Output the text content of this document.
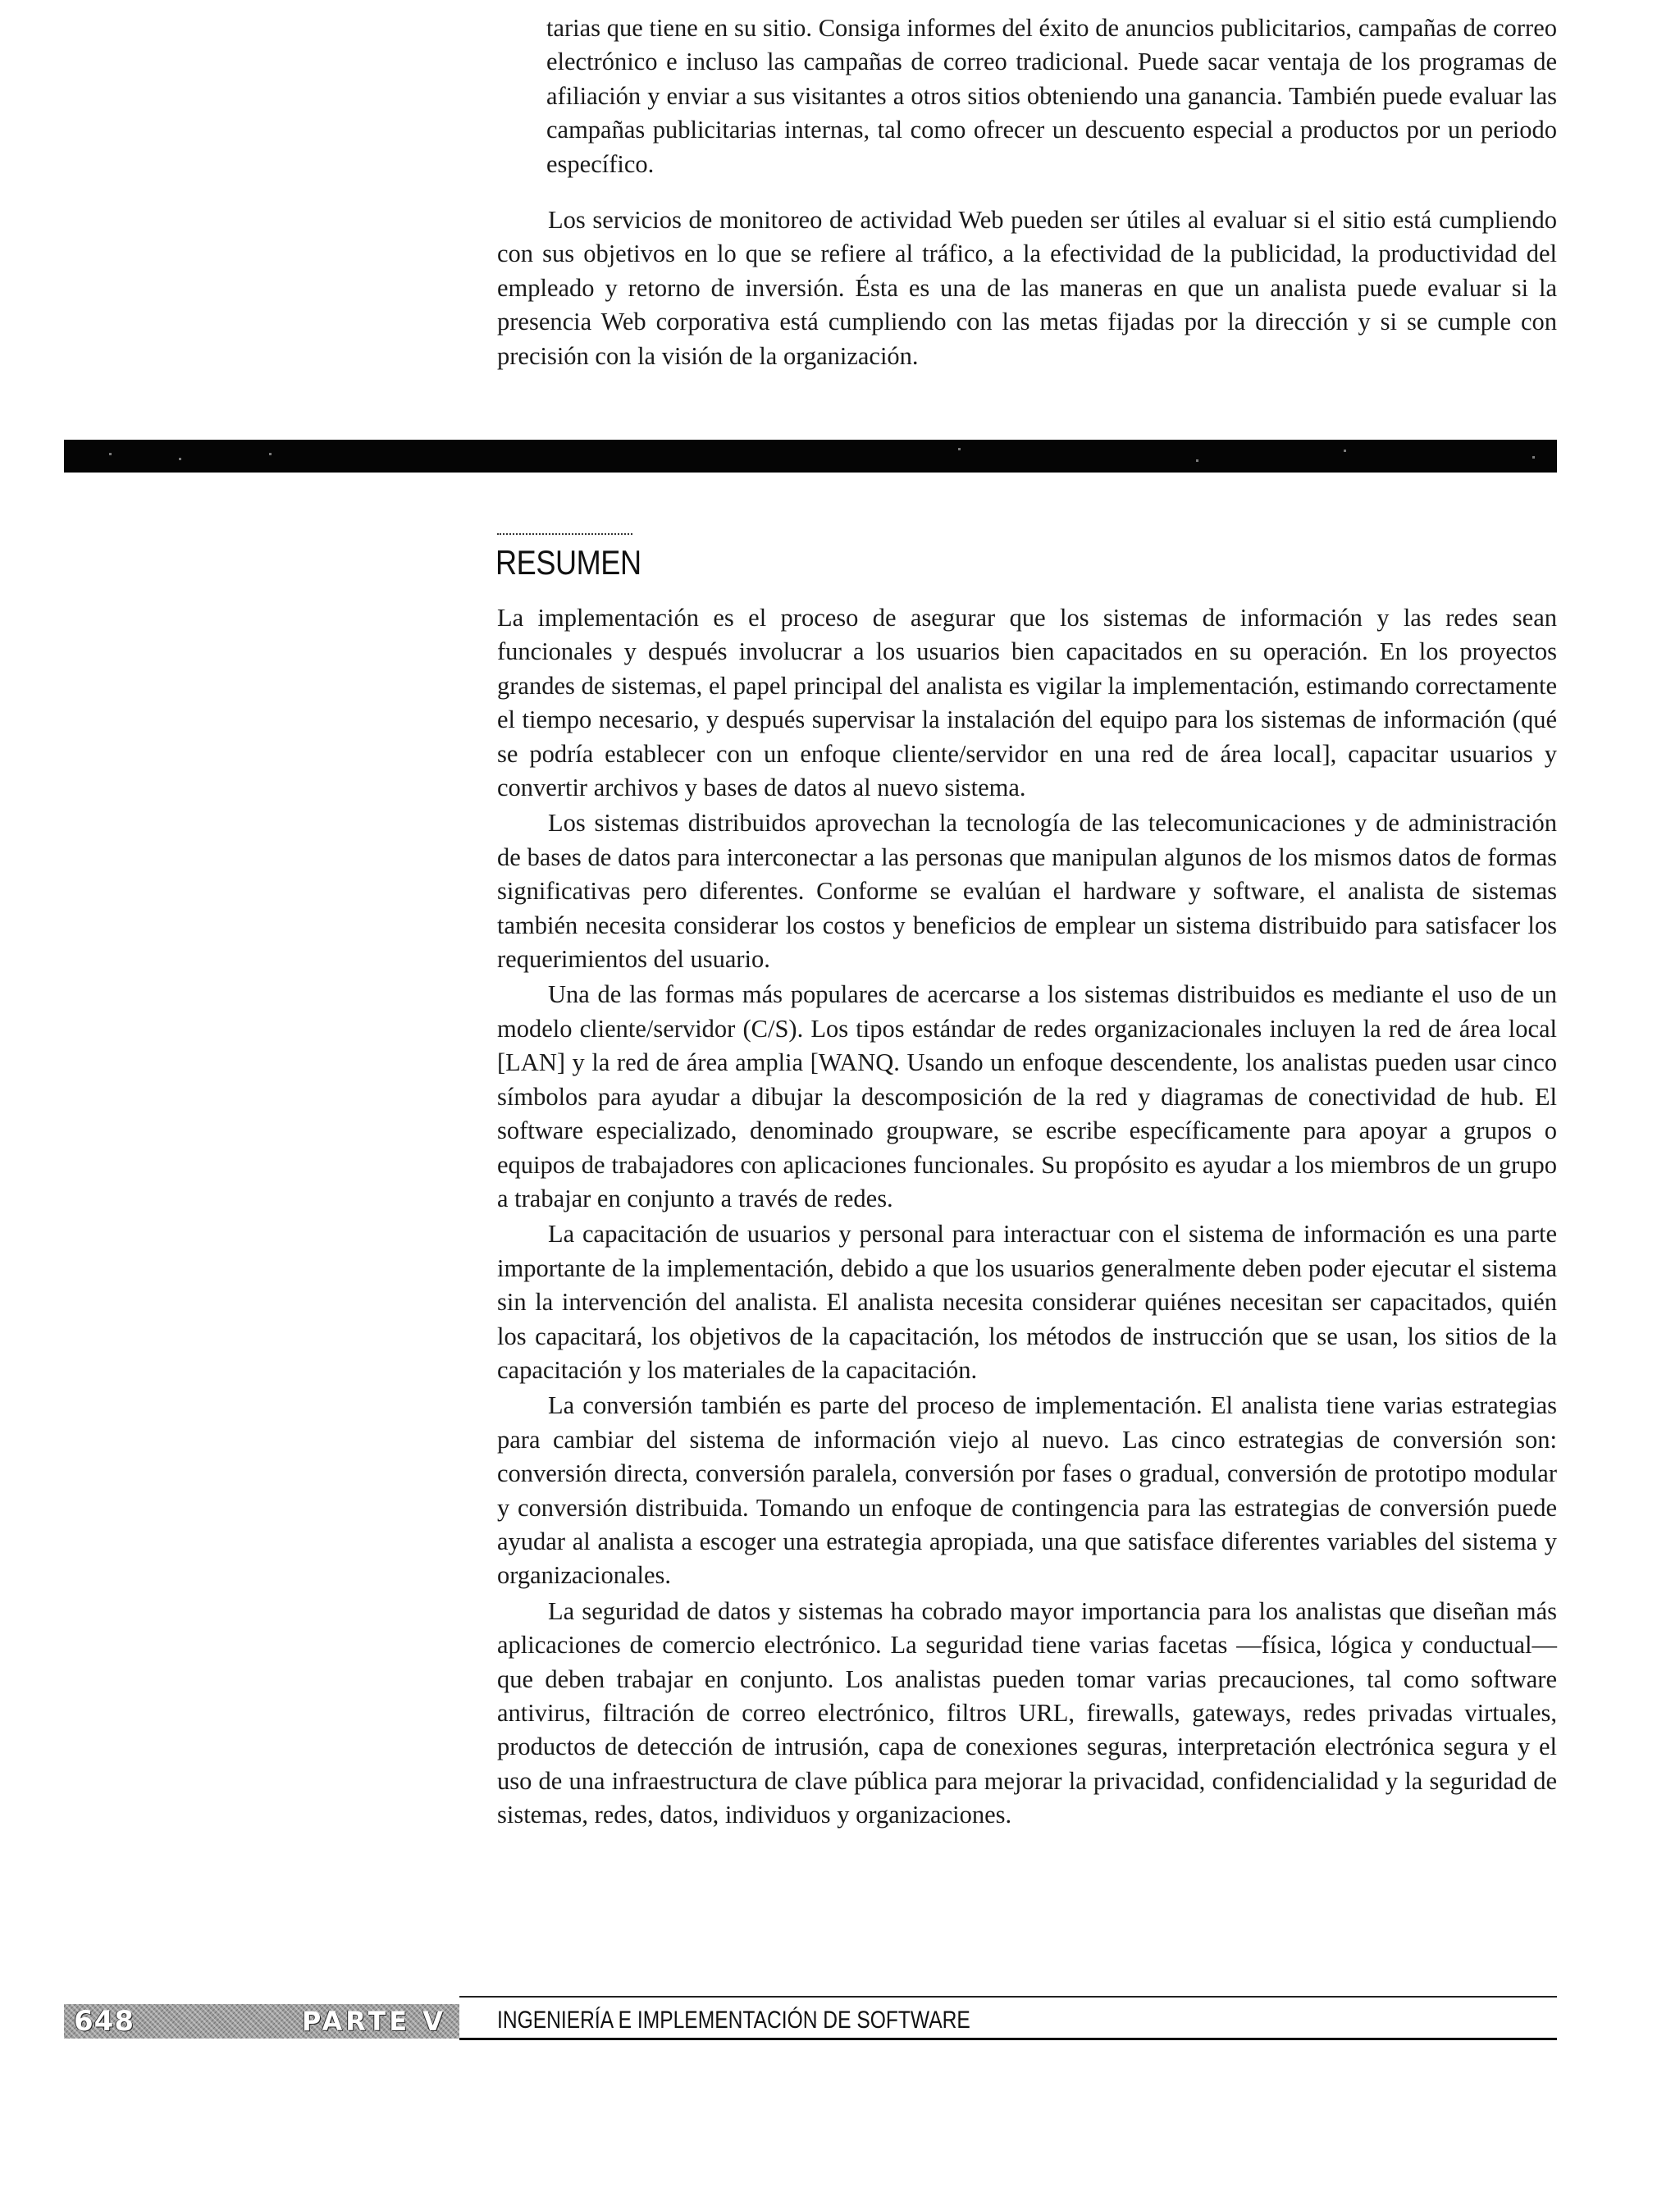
tarias que tiene en su sitio. Consiga informes del éxito de anuncios publicitarios, campañas de correo electrónico e incluso las campañas de correo tradicional. Puede sacar ventaja de los programas de afiliación y enviar a sus visitantes a otros sitios obteniendo una ganancia. También puede evaluar las campañas publicitarias internas, tal como ofrecer un descuento especial a productos por un periodo específico.

Los servicios de monitoreo de actividad Web pueden ser útiles al evaluar si el sitio está cumpliendo con sus objetivos en lo que se refiere al tráfico, a la efectividad de la publicidad, la productividad del empleado y retorno de inversión. Ésta es una de las maneras en que un analista puede evaluar si la presencia Web corporativa está cumpliendo con las metas fijadas por la dirección y si se cumple con precisión con la visión de la organización.

RESUMEN

La implementación es el proceso de asegurar que los sistemas de información y las redes sean funcionales y después involucrar a los usuarios bien capacitados en su operación. En los proyectos grandes de sistemas, el papel principal del analista es vigilar la implementación, estimando correctamente el tiempo necesario, y después supervisar la instalación del equipo para los sistemas de información (qué se podría establecer con un enfoque cliente/servidor en una red de área local], capacitar usuarios y convertir archivos y bases de datos al nuevo sistema.

Los sistemas distribuidos aprovechan la tecnología de las telecomunicaciones y de administración de bases de datos para interconectar a las personas que manipulan algunos de los mismos datos de formas significativas pero diferentes. Conforme se evalúan el hardware y software, el analista de sistemas también necesita considerar los costos y beneficios de emplear un sistema distribuido para satisfacer los requerimientos del usuario.

Una de las formas más populares de acercarse a los sistemas distribuidos es mediante el uso de un modelo cliente/servidor (C/S). Los tipos estándar de redes organizacionales incluyen la red de área local [LAN] y la red de área amplia [WANQ. Usando un enfoque descendente, los analistas pueden usar cinco símbolos para ayudar a dibujar la descomposición de la red y diagramas de conectividad de hub. El software especializado, denominado groupware, se escribe específicamente para apoyar a grupos o equipos de trabajadores con aplicaciones funcionales. Su propósito es ayudar a los miembros de un grupo a trabajar en conjunto a través de redes.

La capacitación de usuarios y personal para interactuar con el sistema de información es una parte importante de la implementación, debido a que los usuarios generalmente deben poder ejecutar el sistema sin la intervención del analista. El analista necesita considerar quiénes necesitan ser capacitados, quién los capacitará, los objetivos de la capacitación, los métodos de instrucción que se usan, los sitios de la capacitación y los materiales de la capacitación.

La conversión también es parte del proceso de implementación. El analista tiene varias estrategias para cambiar del sistema de información viejo al nuevo. Las cinco estrategias de conversión son: conversión directa, conversión paralela, conversión por fases o gradual, conversión de prototipo modular y conversión distribuida. Tomando un enfoque de contingencia para las estrategias de conversión puede ayudar al analista a escoger una estrategia apropiada, una que satisface diferentes variables del sistema y organizacionales.

La seguridad de datos y sistemas ha cobrado mayor importancia para los analistas que diseñan más aplicaciones de comercio electrónico. La seguridad tiene varias facetas —física, lógica y conductual— que deben trabajar en conjunto. Los analistas pueden tomar varias precauciones, tal como software antivirus, filtración de correo electrónico, filtros URL, firewalls, gateways, redes privadas virtuales, productos de detección de intrusión, capa de conexiones seguras, interpretación electrónica segura y el uso de una infraestructura de clave pública para mejorar la privacidad, confidencialidad y la seguridad de sistemas, redes, datos, individuos y organizaciones.

648	PARTE V INGENIERÍA E IMPLEMENTACIÓN DE SOFTWARE
